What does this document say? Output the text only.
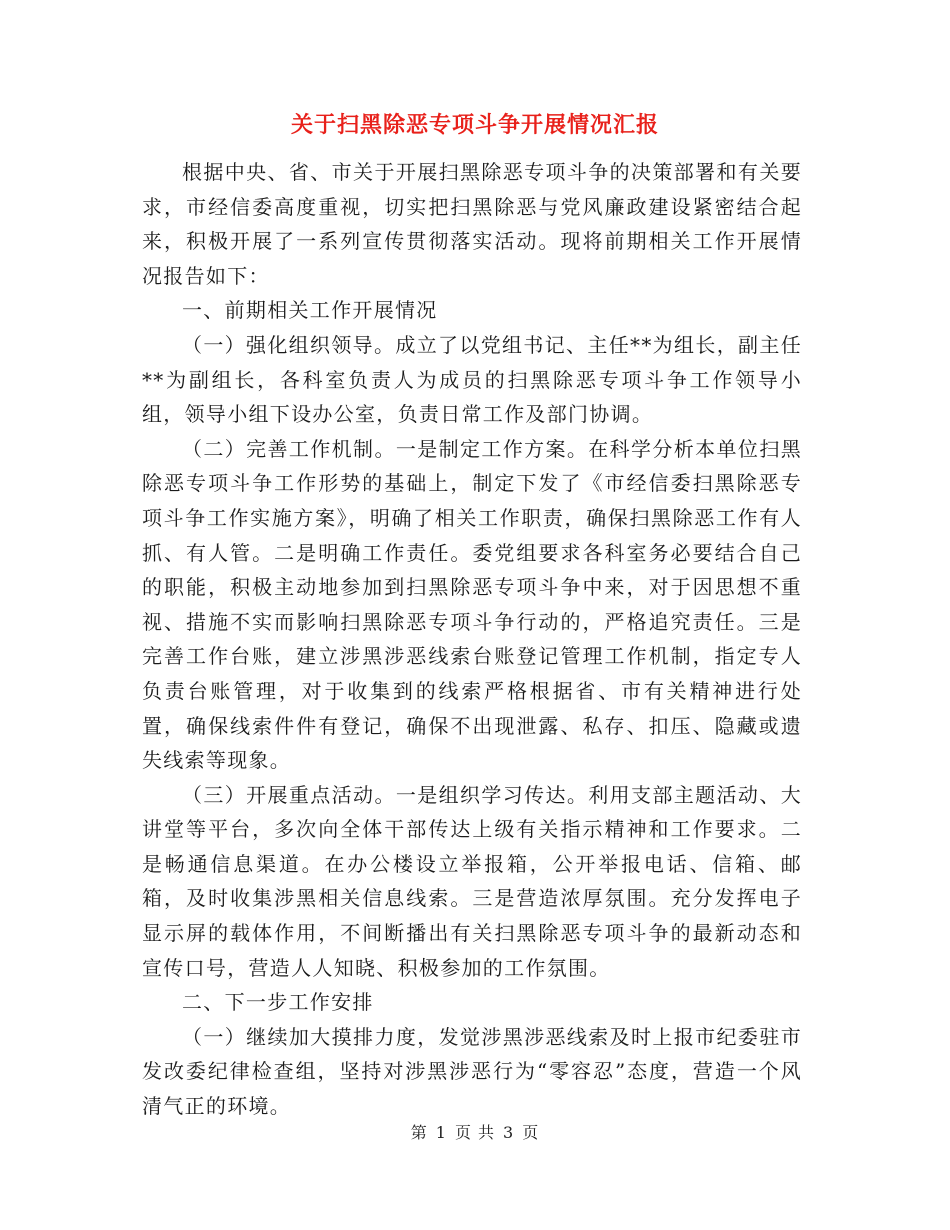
关于扫黑除恶专项斗争开展情况汇报

根据中央、省、市关于开展扫黑除恶专项斗争的决策部署和有关要求，市经信委高度重视，切实把扫黑除恶与党风廉政建设紧密结合起来，积极开展了一系列宣传贯彻落实活动。现将前期相关工作开展情况报告如下：

一、前期相关工作开展情况

（一）强化组织领导。成立了以党组书记、主任**为组长，副主任**为副组长，各科室负责人为成员的扫黑除恶专项斗争工作领导小组，领导小组下设办公室，负责日常工作及部门协调。

（二）完善工作机制。一是制定工作方案。在科学分析本单位扫黑除恶专项斗争工作形势的基础上，制定下发了《市经信委扫黑除恶专项斗争工作实施方案》，明确了相关工作职责，确保扫黑除恶工作有人抓、有人管。二是明确工作责任。委党组要求各科室务必要结合自己的职能，积极主动地参加到扫黑除恶专项斗争中来，对于因思想不重视、措施不实而影响扫黑除恶专项斗争行动的，严格追究责任。三是完善工作台账，建立涉黑涉恶线索台账登记管理工作机制，指定专人负责台账管理，对于收集到的线索严格根据省、市有关精神进行处置，确保线索件件有登记，确保不出现泄露、私存、扣压、隐藏或遗失线索等现象。

（三）开展重点活动。一是组织学习传达。利用支部主题活动、大讲堂等平台，多次向全体干部传达上级有关指示精神和工作要求。二是畅通信息渠道。在办公楼设立举报箱，公开举报电话、信箱、邮箱，及时收集涉黑相关信息线索。三是营造浓厚氛围。充分发挥电子显示屏的载体作用，不间断播出有关扫黑除恶专项斗争的最新动态和宣传口号，营造人人知晓、积极参加的工作氛围。

二、下一步工作安排

（一）继续加大摸排力度，发觉涉黑涉恶线索及时上报市纪委驻市发改委纪律检查组，坚持对涉黑涉恶行为“零容忍”态度，营造一个风清气正的环境。

第 1 页 共 3 页
